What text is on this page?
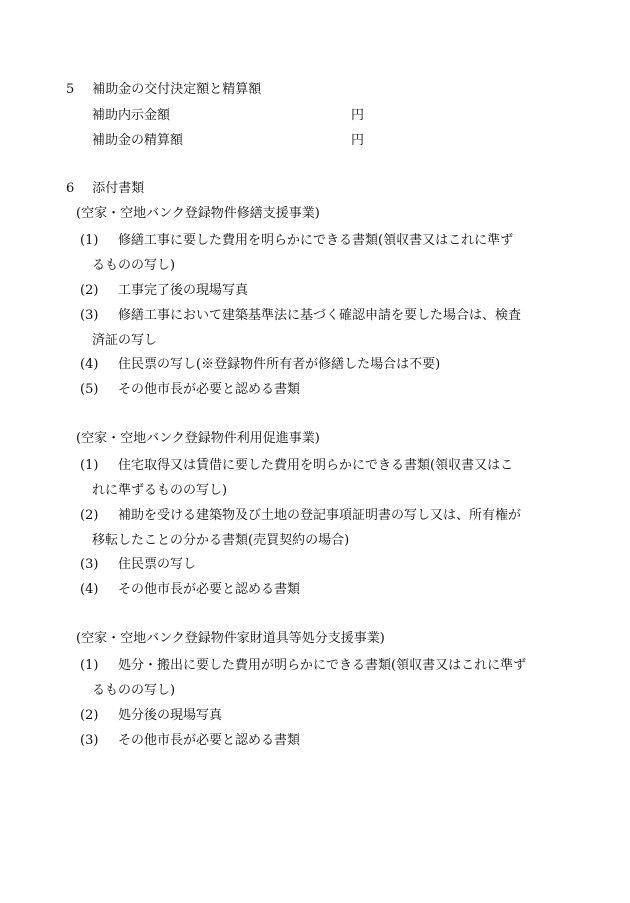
5 補助金の交付決定額と精算額
補助内示金額	円
補助金の精算額	円
6 添付書類
(空家・空地バンク登録物件修繕支援事業)
(1) 修繕工事に要した費用を明らかにできる書類(領収書又はこれに準ず
るものの写し)
(2) 工事完了後の現場写真
(3) 修繕工事において建築基準法に基づく確認申請を要した場合は、検査
済証の写し
(4) 住民票の写し(※登録物件所有者が修繕した場合は不要)
(5) その他市長が必要と認める書類
(空家・空地バンク登録物件利用促進事業)
(1) 住宅取得又は賃借に要した費用を明らかにできる書類(領収書又はこ
れに準ずるものの写し)
(2) 補助を受ける建築物及び土地の登記事項証明書の写し又は、所有権が
移転したことの分かる書類(売買契約の場合)
(3) 住民票の写し
(4) その他市長が必要と認める書類
(空家・空地バンク登録物件家財道具等処分支援事業)
(1) 処分・搬出に要した費用が明らかにできる書類(領収書又はこれに準ず
るものの写し)
(2) 処分後の現場写真
(3) その他市長が必要と認める書類
